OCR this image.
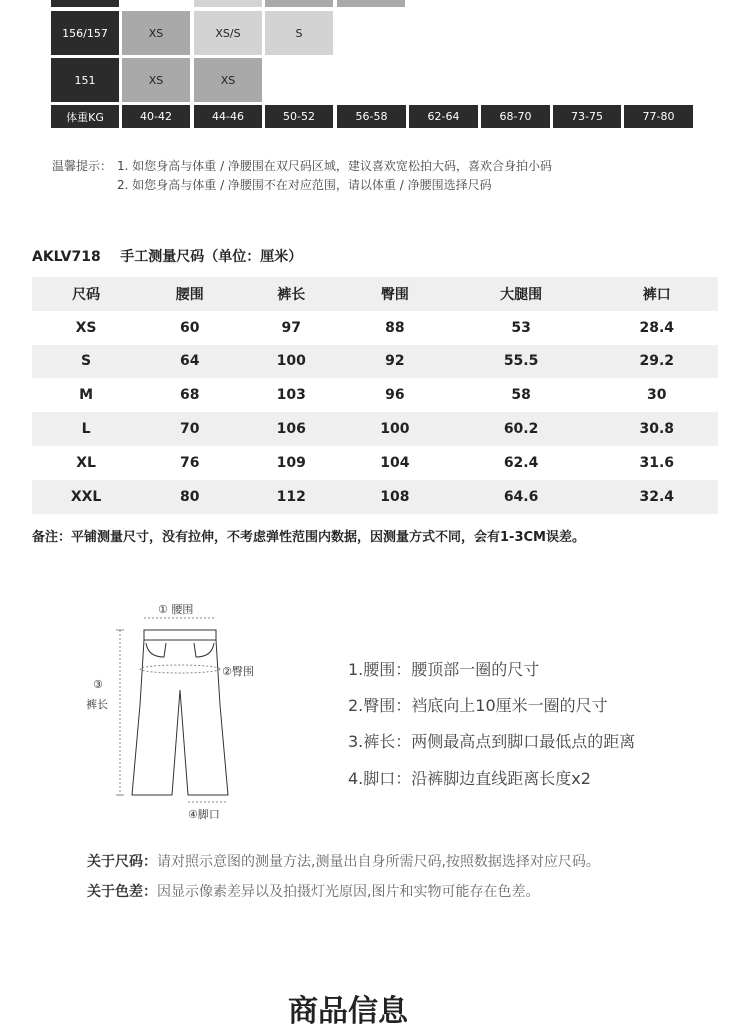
156/157	XS	XS/S	S
151	XS	XS
体重KG	40-42	44-46	50-52	56-58	62-64	68-70	73-75	77-80
温馨提示： 1. 如您身高与体重 / 净腰围在双尺码区域，建议喜欢宽松拍大码，喜欢合身拍小码
2. 如您身高与体重 / 净腰围不在对应范围，请以体重 / 净腰围选择尺码
AKLV718    手工测量尺码（单位：厘米）
尺码	腰围	裤长	臀围	大腿围	裤口
XS	60	97	88	53	28.4
S	64	100	92	55.5	29.2
M	68	103	96	58	30
L	70	106	100	60.2	30.8
XL	76	109	104	62.4	31.6
XXL	80	112	108	64.6	32.4
备注：平铺测量尺寸，没有拉伸，不考虑弹性范围内数据，因测量方式不同，会有1-3CM误差。
① 腰围
②臀围
③
裤长
④脚口
1.腰围：腰顶部一圈的尺寸
2.臀围：裆底向上10厘米一圈的尺寸
3.裤长：两侧最高点到脚口最低点的距离
4.脚口：沿裤脚边直线距离长度x2
关于尺码：请对照示意图的测量方法,测量出自身所需尺码,按照数据选择对应尺码。
关于色差：因显示像素差异以及拍摄灯光原因,图片和实物可能存在色差。
商品信息
